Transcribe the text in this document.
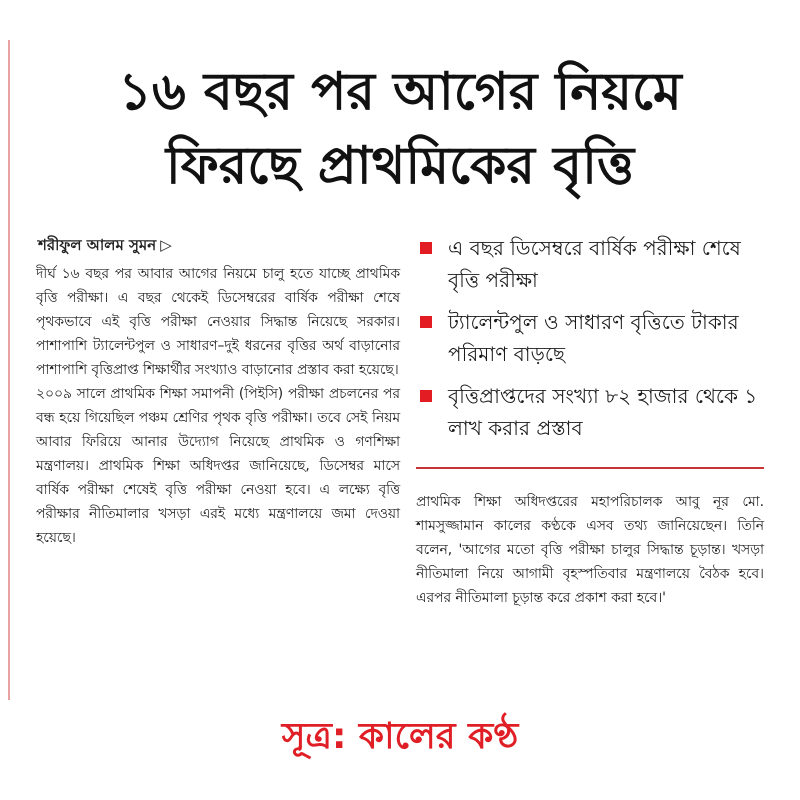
১৬ বছর পর আগের নিয়মে
ফিরছে প্রাথমিকের বৃত্তি
শরীফুল আলম সুমন ▷

দীর্ঘ ১৬ বছর পর আবার আগের নিয়মে চালু হতে যাচ্ছে প্রাথমিক বৃত্তি পরীক্ষা। এ বছর থেকেই ডিসেম্বরের বার্ষিক পরীক্ষা শেষে পৃথকভাবে এই বৃত্তি পরীক্ষা নেওয়ার সিদ্ধান্ত নিয়েছে সরকার। পাশাপাশি ট্যালেন্টপুল ও সাধারণ–দুই ধরনের বৃত্তির অর্থ বাড়ানোর পাশাপাশি বৃত্তিপ্রাপ্ত শিক্ষার্থীর সংখ্যাও বাড়ানোর প্রস্তাব করা হয়েছে।

২০০৯ সালে প্রাথমিক শিক্ষা সমাপনী (পিইসি) পরীক্ষা প্রচলনের পর বন্ধ হয়ে গিয়েছিল পঞ্চম শ্রেণির পৃথক বৃত্তি পরীক্ষা। তবে সেই নিয়ম আবার ফিরিয়ে আনার উদ্যোগ নিয়েছে প্রাথমিক ও গণশিক্ষা মন্ত্রণালয়। প্রাথমিক শিক্ষা অধিদপ্তর জানিয়েছে, ডিসেম্বর মাসে বার্ষিক পরীক্ষা শেষেই বৃত্তি পরীক্ষা নেওয়া হবে। এ লক্ষ্যে বৃত্তি পরীক্ষার নীতিমালার খসড়া এরই মধ্যে মন্ত্রণালয়ে জমা দেওয়া হয়েছে।

এ বছর ডিসেম্বরে বার্ষিক পরীক্ষা শেষে বৃত্তি পরীক্ষা
ট্যালেন্টপুল ও সাধারণ বৃত্তিতে টাকার পরিমাণ বাড়ছে
বৃত্তিপ্রাপ্তদের সংখ্যা ৮২ হাজার থেকে ১ লাখ করার প্রস্তাব

প্রাথমিক শিক্ষা অধিদপ্তরের মহাপরিচালক আবু নূর মো. শামসুজ্জামান কালের কণ্ঠকে এসব তথ্য জানিয়েছেন। তিনি বলেন, 'আগের মতো বৃত্তি পরীক্ষা চালুর সিদ্ধান্ত চূড়ান্ত। খসড়া নীতিমালা নিয়ে আগামী বৃহস্পতিবার মন্ত্রণালয়ে বৈঠক হবে। এরপর নীতিমালা চূড়ান্ত করে প্রকাশ করা হবে।'

সূত্র: কালের কণ্ঠ
